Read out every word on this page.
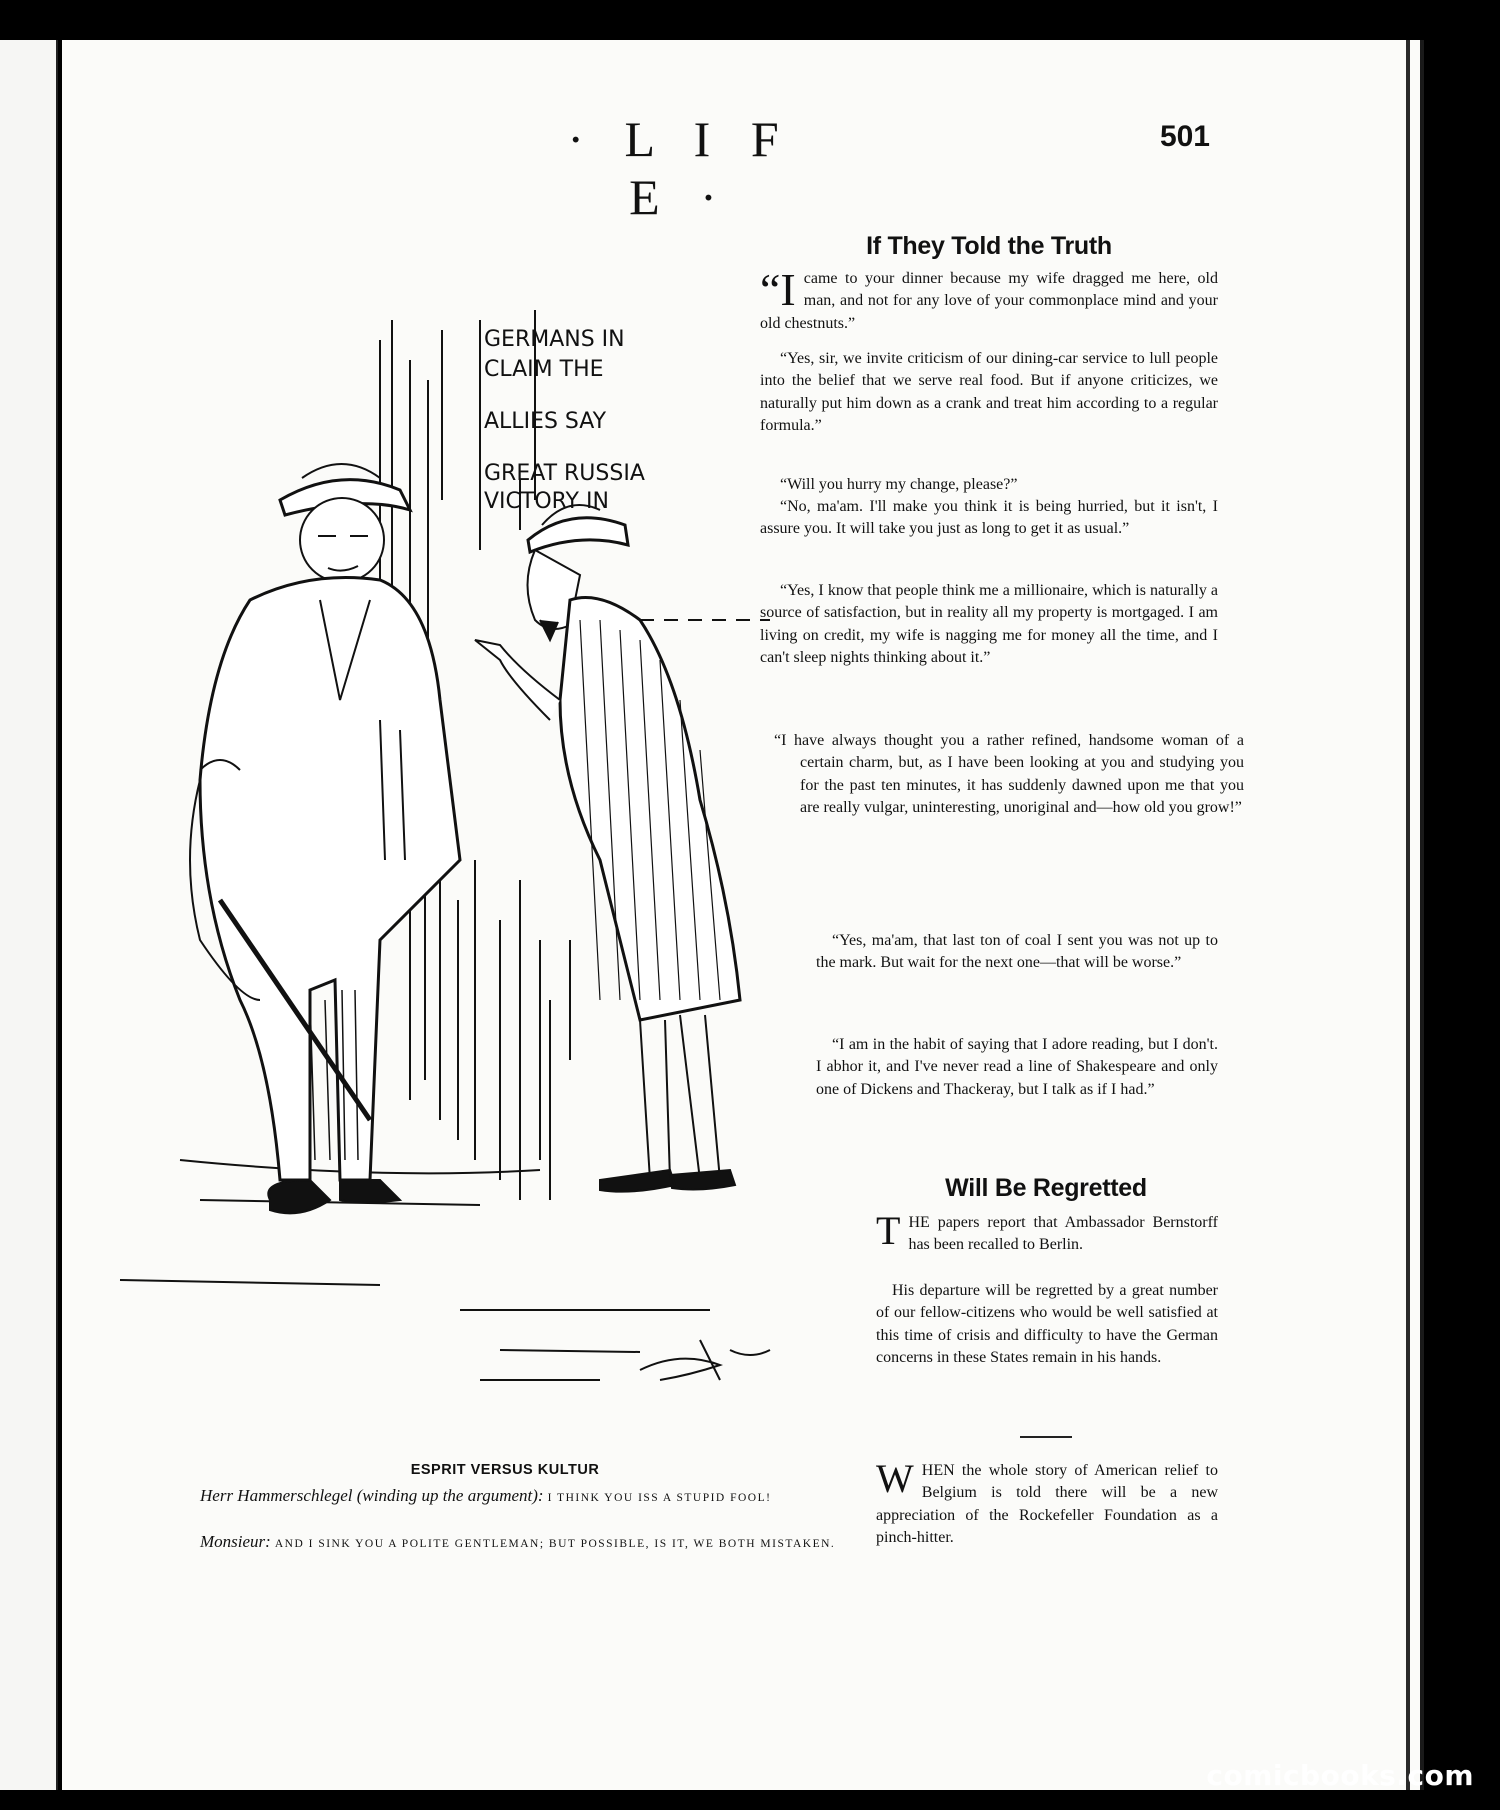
· L I F E ·
501
GERMANS IN
CLAIM THE
ALLIES SAY
GREAT RUSSIA
VICTORY IN
ESPRIT VERSUS KULTUR
Herr Hammerschlegel (winding up the argument): I THINK YOU ISS A STUPID FOOL!
Monsieur: AND I SINK YOU A POLITE GENTLEMAN; BUT POSSIBLE, IS IT, WE BOTH MISTAKEN.
If They Told the Truth
“Icame to your dinner because my wife dragged me here, old man, and not for any love of your commonplace mind and your old chestnuts.”
“Yes, sir, we invite criticism of our dining-car service to lull people into the belief that we serve real food. But if anyone criticizes, we naturally put him down as a crank and treat him according to a regular formula.”
“Will you hurry my change, please?”
“No, ma'am. I'll make you think it is being hurried, but it isn't, I assure you. It will take you just as long to get it as usual.”
“Yes, I know that people think me a millionaire, which is naturally a source of satisfaction, but in reality all my property is mortgaged. I am living on credit, my wife is nagging me for money all the time, and I can't sleep nights thinking about it.”
“I have always thought you a rather refined, handsome woman of a certain charm, but, as I have been looking at you and studying you for the past ten minutes, it has suddenly dawned upon me that you are really vulgar, uninteresting, unoriginal and—how old you grow!”
“Yes, ma'am, that last ton of coal I sent you was not up to the mark. But wait for the next one—that will be worse.”
“I am in the habit of saying that I adore reading, but I don't. I abhor it, and I've never read a line of Shakespeare and only one of Dickens and Thackeray, but I talk as if I had.”
Will Be Regretted
THE papers report that Ambassador Bernstorff has been recalled to Berlin.
His departure will be regretted by a great number of our fellow-citizens who would be well satisfied at this time of crisis and difficulty to have the German concerns in these States remain in his hands.
WHEN the whole story of American relief to Belgium is told there will be a new appreciation of the Rockefeller Foundation as a pinch-hitter.
comicbooks.com
